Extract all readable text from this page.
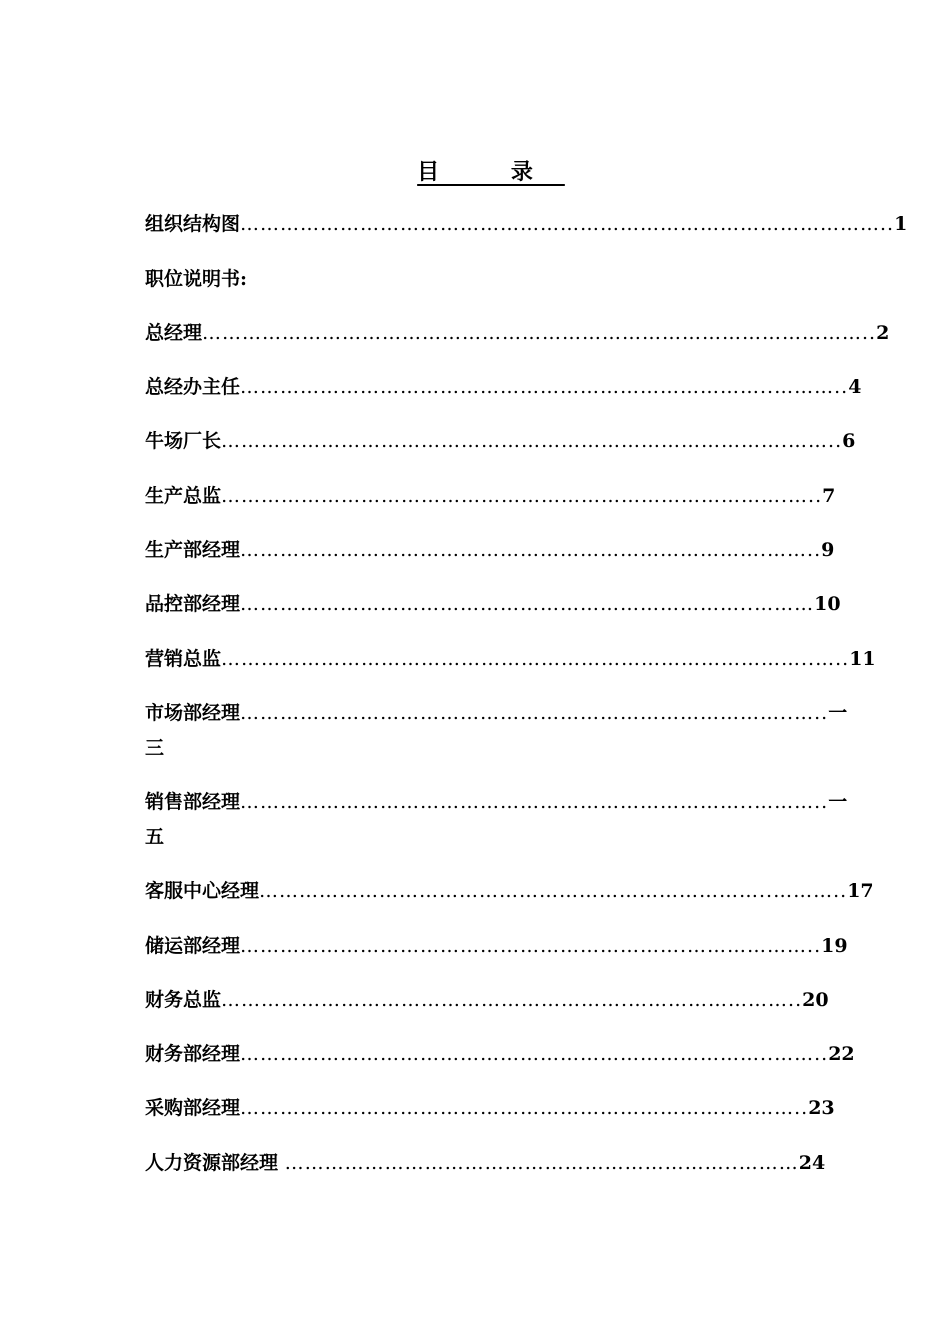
目 录
组织结构图……………………………………………………………………………………..1
职位说明书:
总经理………………………………………………………………………………………..2
总经办主任……………………………………………………………………..………..4
牛场厂长………………………………………………………………………….……..6
生产总监………………………………………………………………………….…..7
生产部经理…………………………………………………………………….……..9
品控部经理…………………………………………………………………..………10
营销总监……………………………………………………………………………..…..11
市场部经理………………………………………………………………………..…..一
三
销售部经理…………………………………………………………………..………..一
五
客服中心经理…………………………………………………………………..………..17
储运部经理………………………………………………………….………………..19
财务总监…………………………………………………….……………………..20
财务部经理……………………………………………………………………..……..22
采购部经理………………………………………………………………..………..23
人力资源部经理 …………………………………………………………..………24
